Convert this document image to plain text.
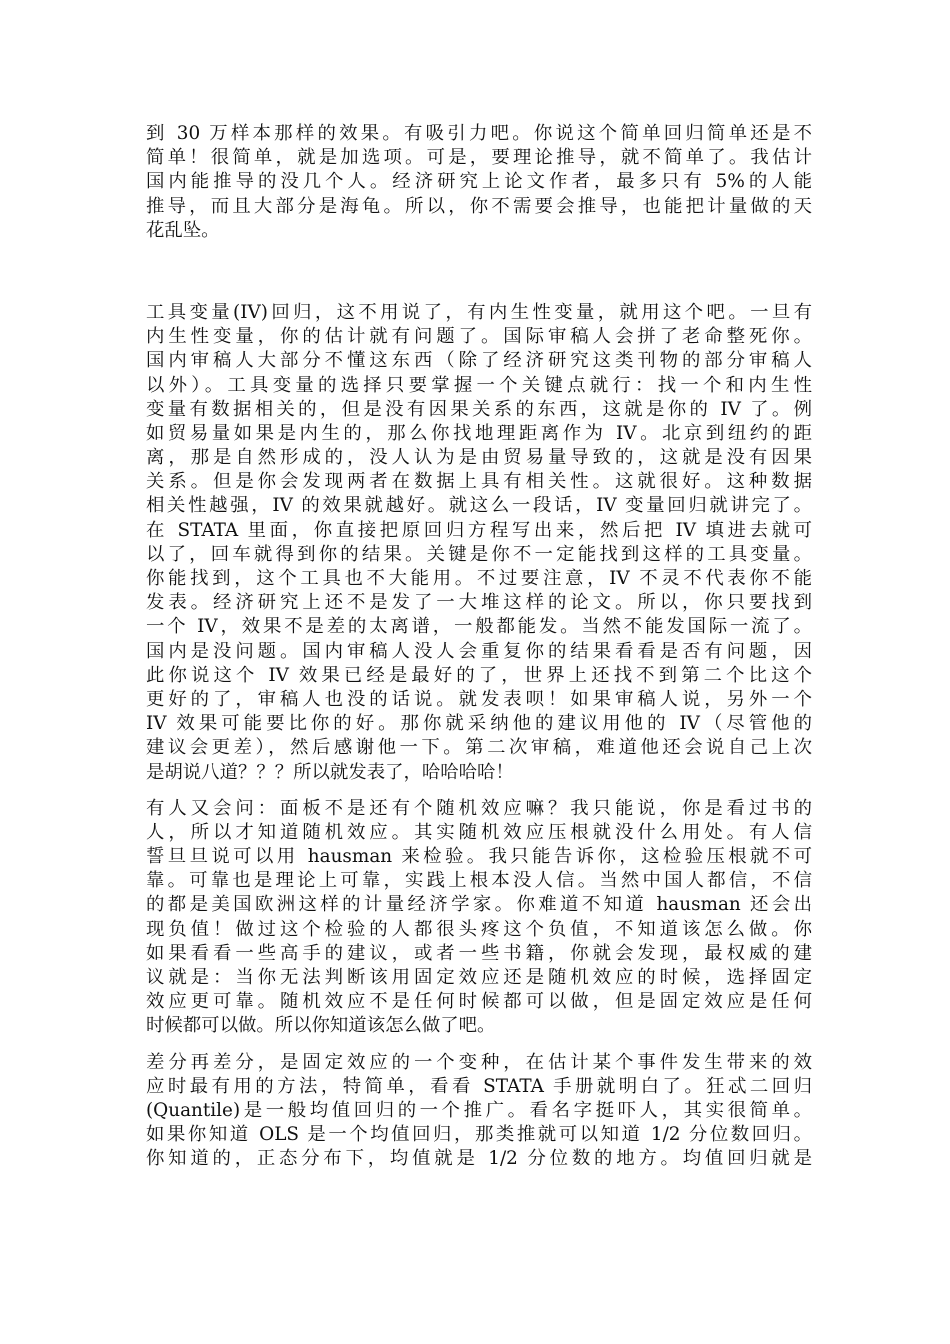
到 30 万样本那样的效果。有吸引力吧。你说这个简单回归简单还是不
简单！很简单，就是加选项。可是，要理论推导，就不简单了。我估计
国内能推导的没几个人。经济研究上论文作者，最多只有 5%的人能
推导，而且大部分是海龟。所以，你不需要会推导，也能把计量做的天
花乱坠。

工具变量(IV)回归，这不用说了，有内生性变量，就用这个吧。一旦有
内生性变量，你的估计就有问题了。国际审稿人会拼了老命整死你。
国内审稿人大部分不懂这东西（除了经济研究这类刊物的部分审稿人
以外）。工具变量的选择只要掌握一个关键点就行：找一个和内生性
变量有数据相关的，但是没有因果关系的东西，这就是你的 IV 了。例
如贸易量如果是内生的，那么你找地理距离作为 IV。北京到纽约的距
离，那是自然形成的，没人认为是由贸易量导致的，这就是没有因果
关系。但是你会发现两者在数据上具有相关性。这就很好。这种数据
相关性越强，IV 的效果就越好。就这么一段话，IV 变量回归就讲完了。
在 STATA 里面，你直接把原回归方程写出来，然后把 IV 填进去就可
以了，回车就得到你的结果。关键是你不一定能找到这样的工具变量。
你能找到，这个工具也不大能用。不过要注意，IV 不灵不代表你不能
发表。经济研究上还不是发了一大堆这样的论文。所以，你只要找到
一个 IV，效果不是差的太离谱，一般都能发。当然不能发国际一流了。
国内是没问题。国内审稿人没人会重复你的结果看看是否有问题，因
此你说这个 IV 效果已经是最好的了，世界上还找不到第二个比这个
更好的了，审稿人也没的话说。就发表呗！如果审稿人说，另外一个
IV 效果可能要比你的好。那你就采纳他的建议用他的 IV（尽管他的
建议会更差），然后感谢他一下。第二次审稿，难道他还会说自己上次
是胡说八道？？？所以就发表了，哈哈哈哈！

有人又会问：面板不是还有个随机效应嘛？我只能说，你是看过书的
人，所以才知道随机效应。其实随机效应压根就没什么用处。有人信
誓旦旦说可以用 hausman 来检验。我只能告诉你，这检验压根就不可
靠。可靠也是理论上可靠，实践上根本没人信。当然中国人都信，不信
的都是美国欧洲这样的计量经济学家。你难道不知道 hausman 还会出
现负值！做过这个检验的人都很头疼这个负值，不知道该怎么做。你
如果看看一些高手的建议，或者一些书籍，你就会发现，最权威的建
议就是：当你无法判断该用固定效应还是随机效应的时候，选择固定
效应更可靠。随机效应不是任何时候都可以做，但是固定效应是任何
时候都可以做。所以你知道该怎么做了吧。

差分再差分，是固定效应的一个变种，在估计某个事件发生带来的效
应时最有用的方法，特简单，看看 STATA 手册就明白了。狂忒二回归
(Quantile)是一般均值回归的一个推广。看名字挺吓人，其实很简单。
如果你知道 OLS 是一个均值回归，那类推就可以知道 1/2 分位数回归。
你知道的，正态分布下，均值就是 1/2 分位数的地方。均值回归就是
